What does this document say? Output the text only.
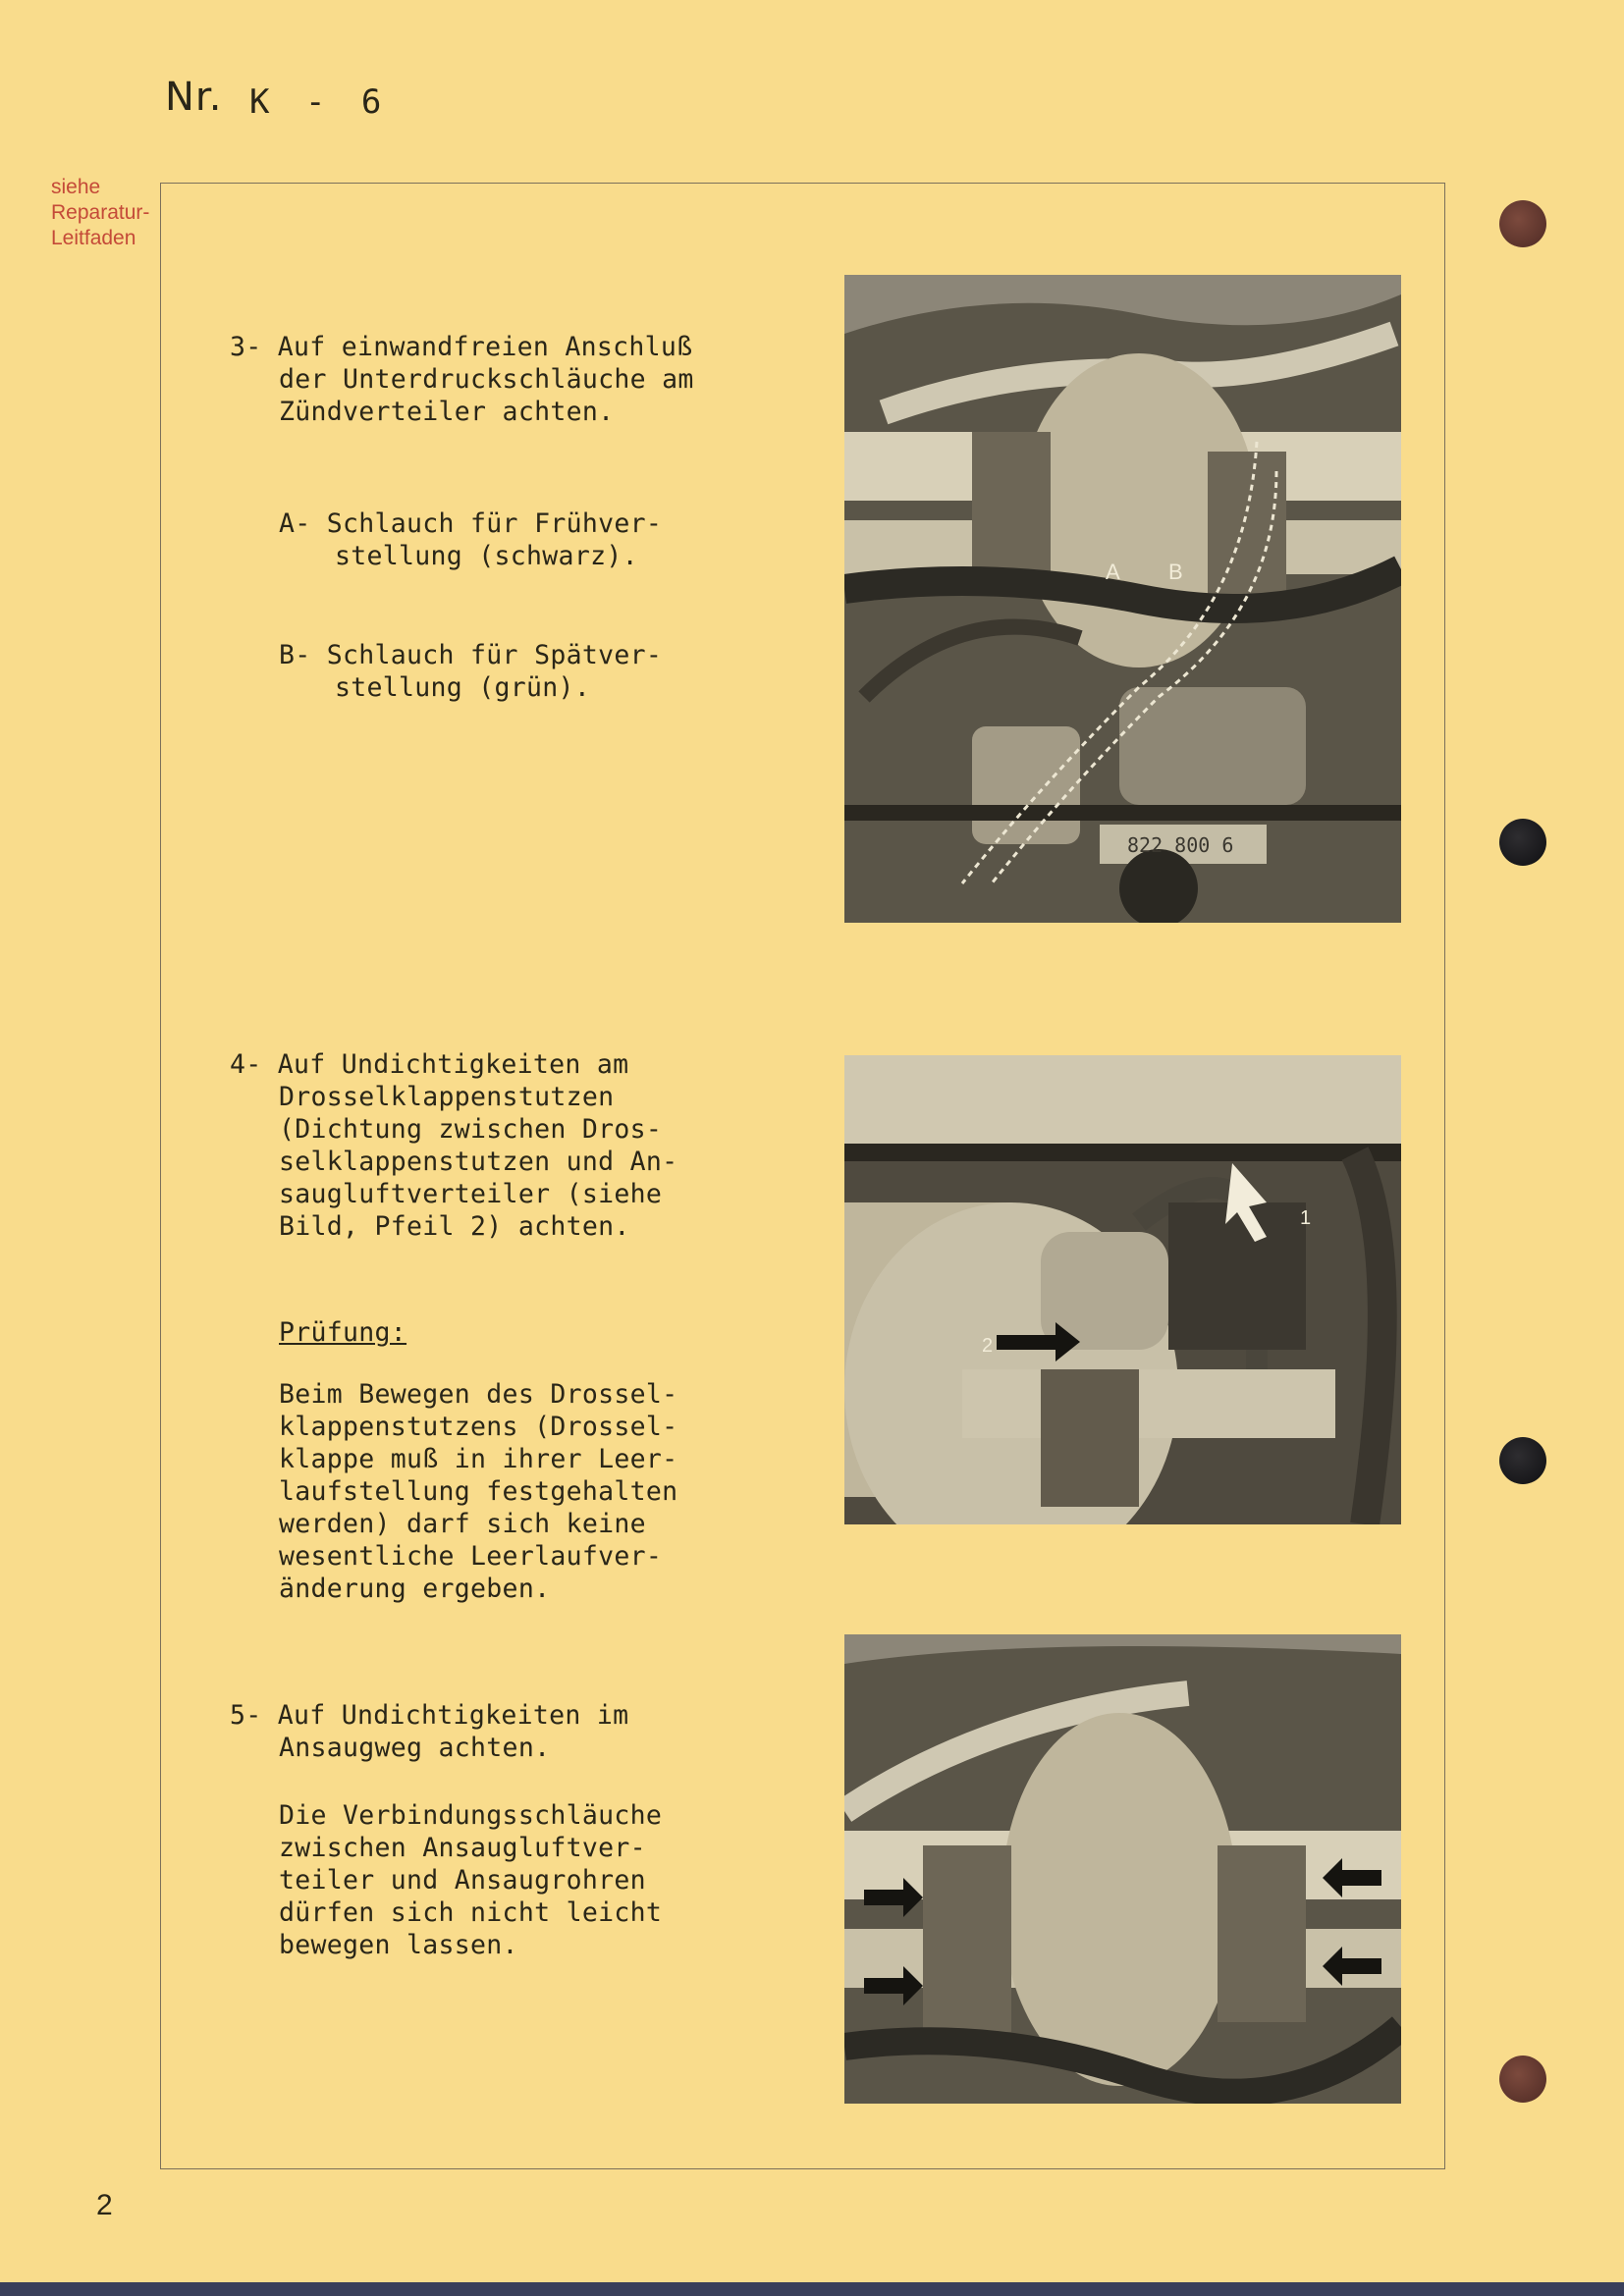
Nr. K - 6
siehe
Reparatur-
Leitfaden
3- Auf einwandfreien Anschluß
der Unterdruckschläuche am
Zündverteiler achten.
A- Schlauch für Frühver-
stellung (schwarz).
B- Schlauch für Spätver-
stellung (grün).
A B
822 800 6
4- Auf Undichtigkeiten am
Drosselklappenstutzen
(Dichtung zwischen Dros-
selklappenstutzen und An-
saugluftverteiler (siehe
Bild, Pfeil 2) achten.
Prüfung:
Beim Bewegen des Drossel-
klappenstutzens (Drossel-
klappe muß in ihrer Leer-
laufstellung festgehalten
werden) darf sich keine
wesentliche Leerlaufver-
änderung ergeben.
1
2
5- Auf Undichtigkeiten im
Ansaugweg achten.
Die Verbindungsschläuche
zwischen Ansaugluftver-
teiler und Ansaugrohren
dürfen sich nicht leicht
bewegen lassen.
2
